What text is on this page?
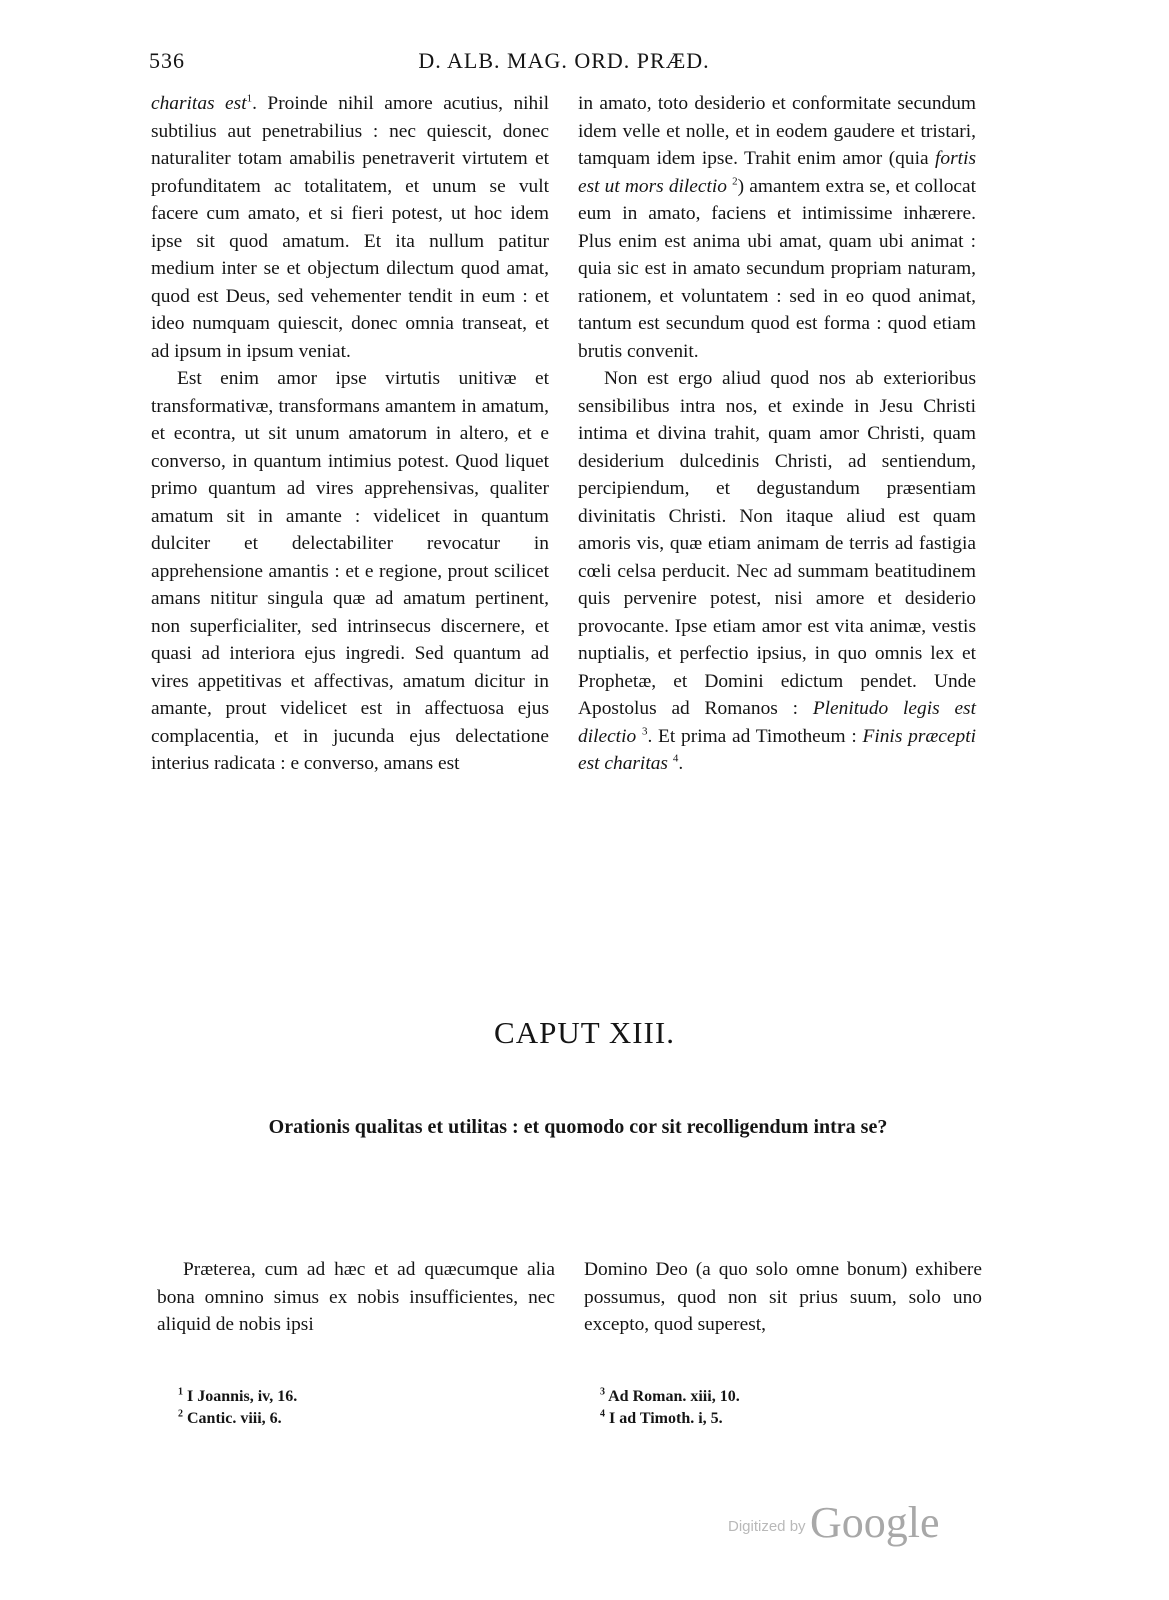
536	D. ALB. MAG. ORD. PRÆD.

charitas est$^1$. Proinde nihil amore acutius, nihil subtilius aut penetrabilius : nec quiescit, donec naturaliter totam amabilis penetraverit virtutem et profunditatem ac totalitatem, et unum se vult facere cum amato, et si fieri potest, ut hoc idem ipse sit quod amatum. Et ita nullum patitur medium inter se et objectum dilectum quod amat, quod est Deus, sed vehementer tendit in eum : et ideo numquam quiescit, donec omnia transeat, et ad ipsum in ipsum veniat.

Est enim amor ipse virtutis unitivæ et transformativæ, transformans amantem in amatum, et econtra, ut sit unum amatorum in altero, et e converso, in quantum intimius potest. Quod liquet primo quantum ad vires apprehensivas, qualiter amatum sit in amante : videlicet in quantum dulciter et delectabiliter revocatur in apprehensione amantis : et e regione, prout scilicet amans nititur singula quæ ad amatum pertinent, non superficialiter, sed intrinsecus discernere, et quasi ad interiora ejus ingredi. Sed quantum ad vires appetitivas et affectivas, amatum dicitur in amante, prout videlicet est in affectuosa ejus complacentia, et in jucunda ejus delectatione interius radicata : e converso, amans est

in amato, toto desiderio et conformitate secundum idem velle et nolle, et in eodem gaudere et tristari, tamquam idem ipse. Trahit enim amor (quia fortis est ut mors dilectio $^2$) amantem extra se, et collocat eum in amato, faciens et intimissime inhærere. Plus enim est anima ubi amat, quam ubi animat : quia sic est in amato secundum propriam naturam, rationem, et voluntatem : sed in eo quod animat, tantum est secundum quod est forma : quod etiam brutis convenit.

Non est ergo aliud quod nos ab exterioribus sensibilibus intra nos, et exinde in Jesu Christi intima et divina trahit, quam amor Christi, quam desiderium dulcedinis Christi, ad sentiendum, percipiendum, et degustandum præsentiam divinitatis Christi. Non itaque aliud est quam amoris vis, quæ etiam animam de terris ad fastigia cœli celsa perducit. Nec ad summam beatitudinem quis pervenire potest, nisi amore et desiderio provocante. Ipse etiam amor est vita animæ, vestis nuptialis, et perfectio ipsius, in quo omnis lex et Prophetæ, et Domini edictum pendet. Unde Apostolus ad Romanos : Plenitudo legis est dilectio $^3$. Et prima ad Timotheum : Finis præcepti est charitas $^4$.

CAPUT XIII.
Orationis qualitas et utilitas : et quomodo cor sit recolligendum intra se?

Præterea, cum ad hæc et ad quæcumque alia bona omnino simus ex nobis insufficientes, nec aliquid de nobis ipsi

Domino Deo (a quo solo omne bonum) exhibere possumus, quod non sit prius suum, solo uno excepto, quod superest,

$^1$ I Joannis, iv, 16.
$^2$ Cantic. viii, 6.
$^3$ Ad Roman. xiii, 10.
$^4$ I ad Timoth. i, 5.
Digitized by Google
